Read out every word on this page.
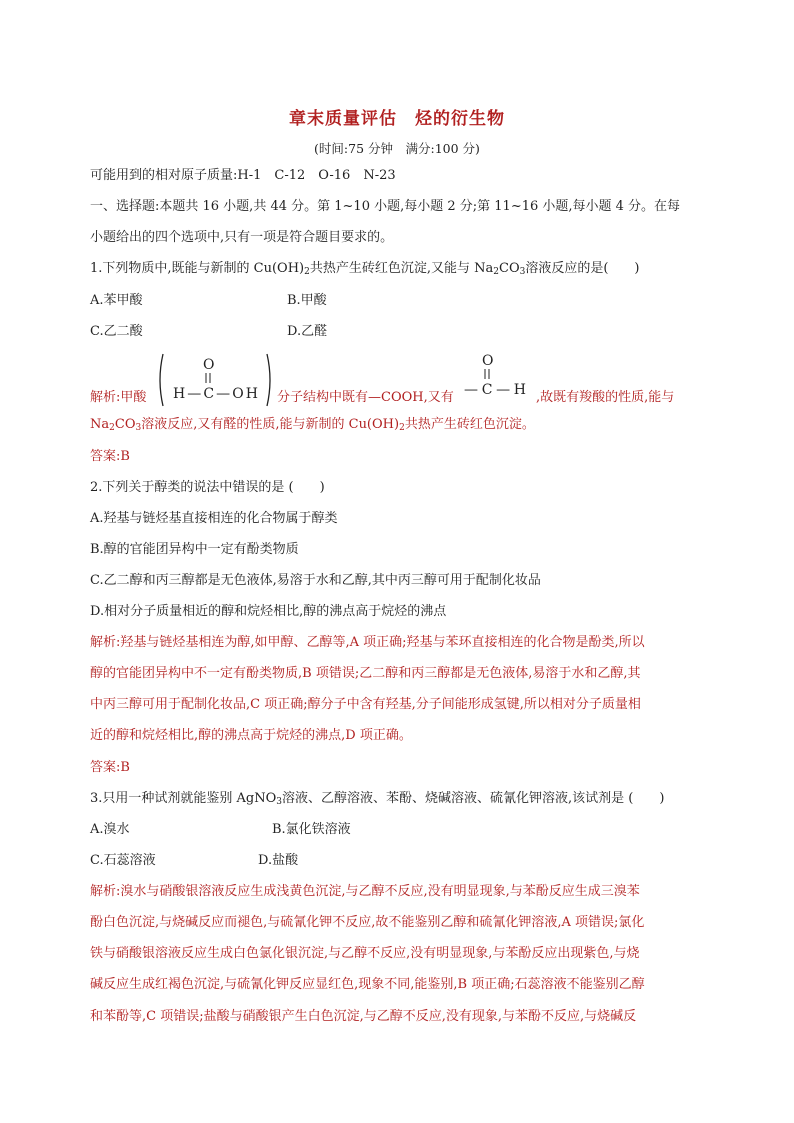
章末质量评估　烃的衍生物
(时间:75 分钟　满分:100 分)
可能用到的相对原子质量:H-1　C-12　O-16　N-23
一、选择题:本题共 16 小题,共 44 分。第 1~10 小题,每小题 2 分;第 11~16 小题,每小题 4 分。在每
小题给出的四个选项中,只有一项是符合题目要求的。
1.下列物质中,既能与新制的 $Cu(OH)_2$共热产生砖红色沉淀,又能与 $Na_2CO_3$溶液反应的是(　　)
A.苯甲酸	B.甲酸
C.乙二酸	D.乙醛
解析:甲酸
O
H—C—OH 分子结构中既有—COOH,又有
O
—C—H ,故既有羧酸的性质,能与
$Na_2CO_3$溶液反应,又有醛的性质,能与新制的 $Cu(OH)_2$共热产生砖红色沉淀。
答案:B
2.下列关于醇类的说法中错误的是 (　　)
A.羟基与链烃基直接相连的化合物属于醇类
B.醇的官能团异构中一定有酚类物质
C.乙二醇和丙三醇都是无色液体,易溶于水和乙醇,其中丙三醇可用于配制化妆品
D.相对分子质量相近的醇和烷烃相比,醇的沸点高于烷烃的沸点
解析:羟基与链烃基相连为醇,如甲醇、乙醇等,A 项正确;羟基与苯环直接相连的化合物是酚类,所以
醇的官能团异构中不一定有酚类物质,B 项错误;乙二醇和丙三醇都是无色液体,易溶于水和乙醇,其
中丙三醇可用于配制化妆品,C 项正确;醇分子中含有羟基,分子间能形成氢键,所以相对分子质量相
近的醇和烷烃相比,醇的沸点高于烷烃的沸点,D 项正确。
答案:B
3.只用一种试剂就能鉴别 AgNO$_3$溶液、乙醇溶液、苯酚、烧碱溶液、硫氰化钾溶液,该试剂是 (　　)
A.溴水	B.氯化铁溶液
C.石蕊溶液	D.盐酸
解析:溴水与硝酸银溶液反应生成浅黄色沉淀,与乙醇不反应,没有明显现象,与苯酚反应生成三溴苯
酚白色沉淀,与烧碱反应而褪色,与硫氰化钾不反应,故不能鉴别乙醇和硫氰化钾溶液,A 项错误;氯化
铁与硝酸银溶液反应生成白色氯化银沉淀,与乙醇不反应,没有明显现象,与苯酚反应出现紫色,与烧
碱反应生成红褐色沉淀,与硫氰化钾反应显红色,现象不同,能鉴别,B 项正确;石蕊溶液不能鉴别乙醇
和苯酚等,C 项错误;盐酸与硝酸银产生白色沉淀,与乙醇不反应,没有现象,与苯酚不反应,与烧碱反
